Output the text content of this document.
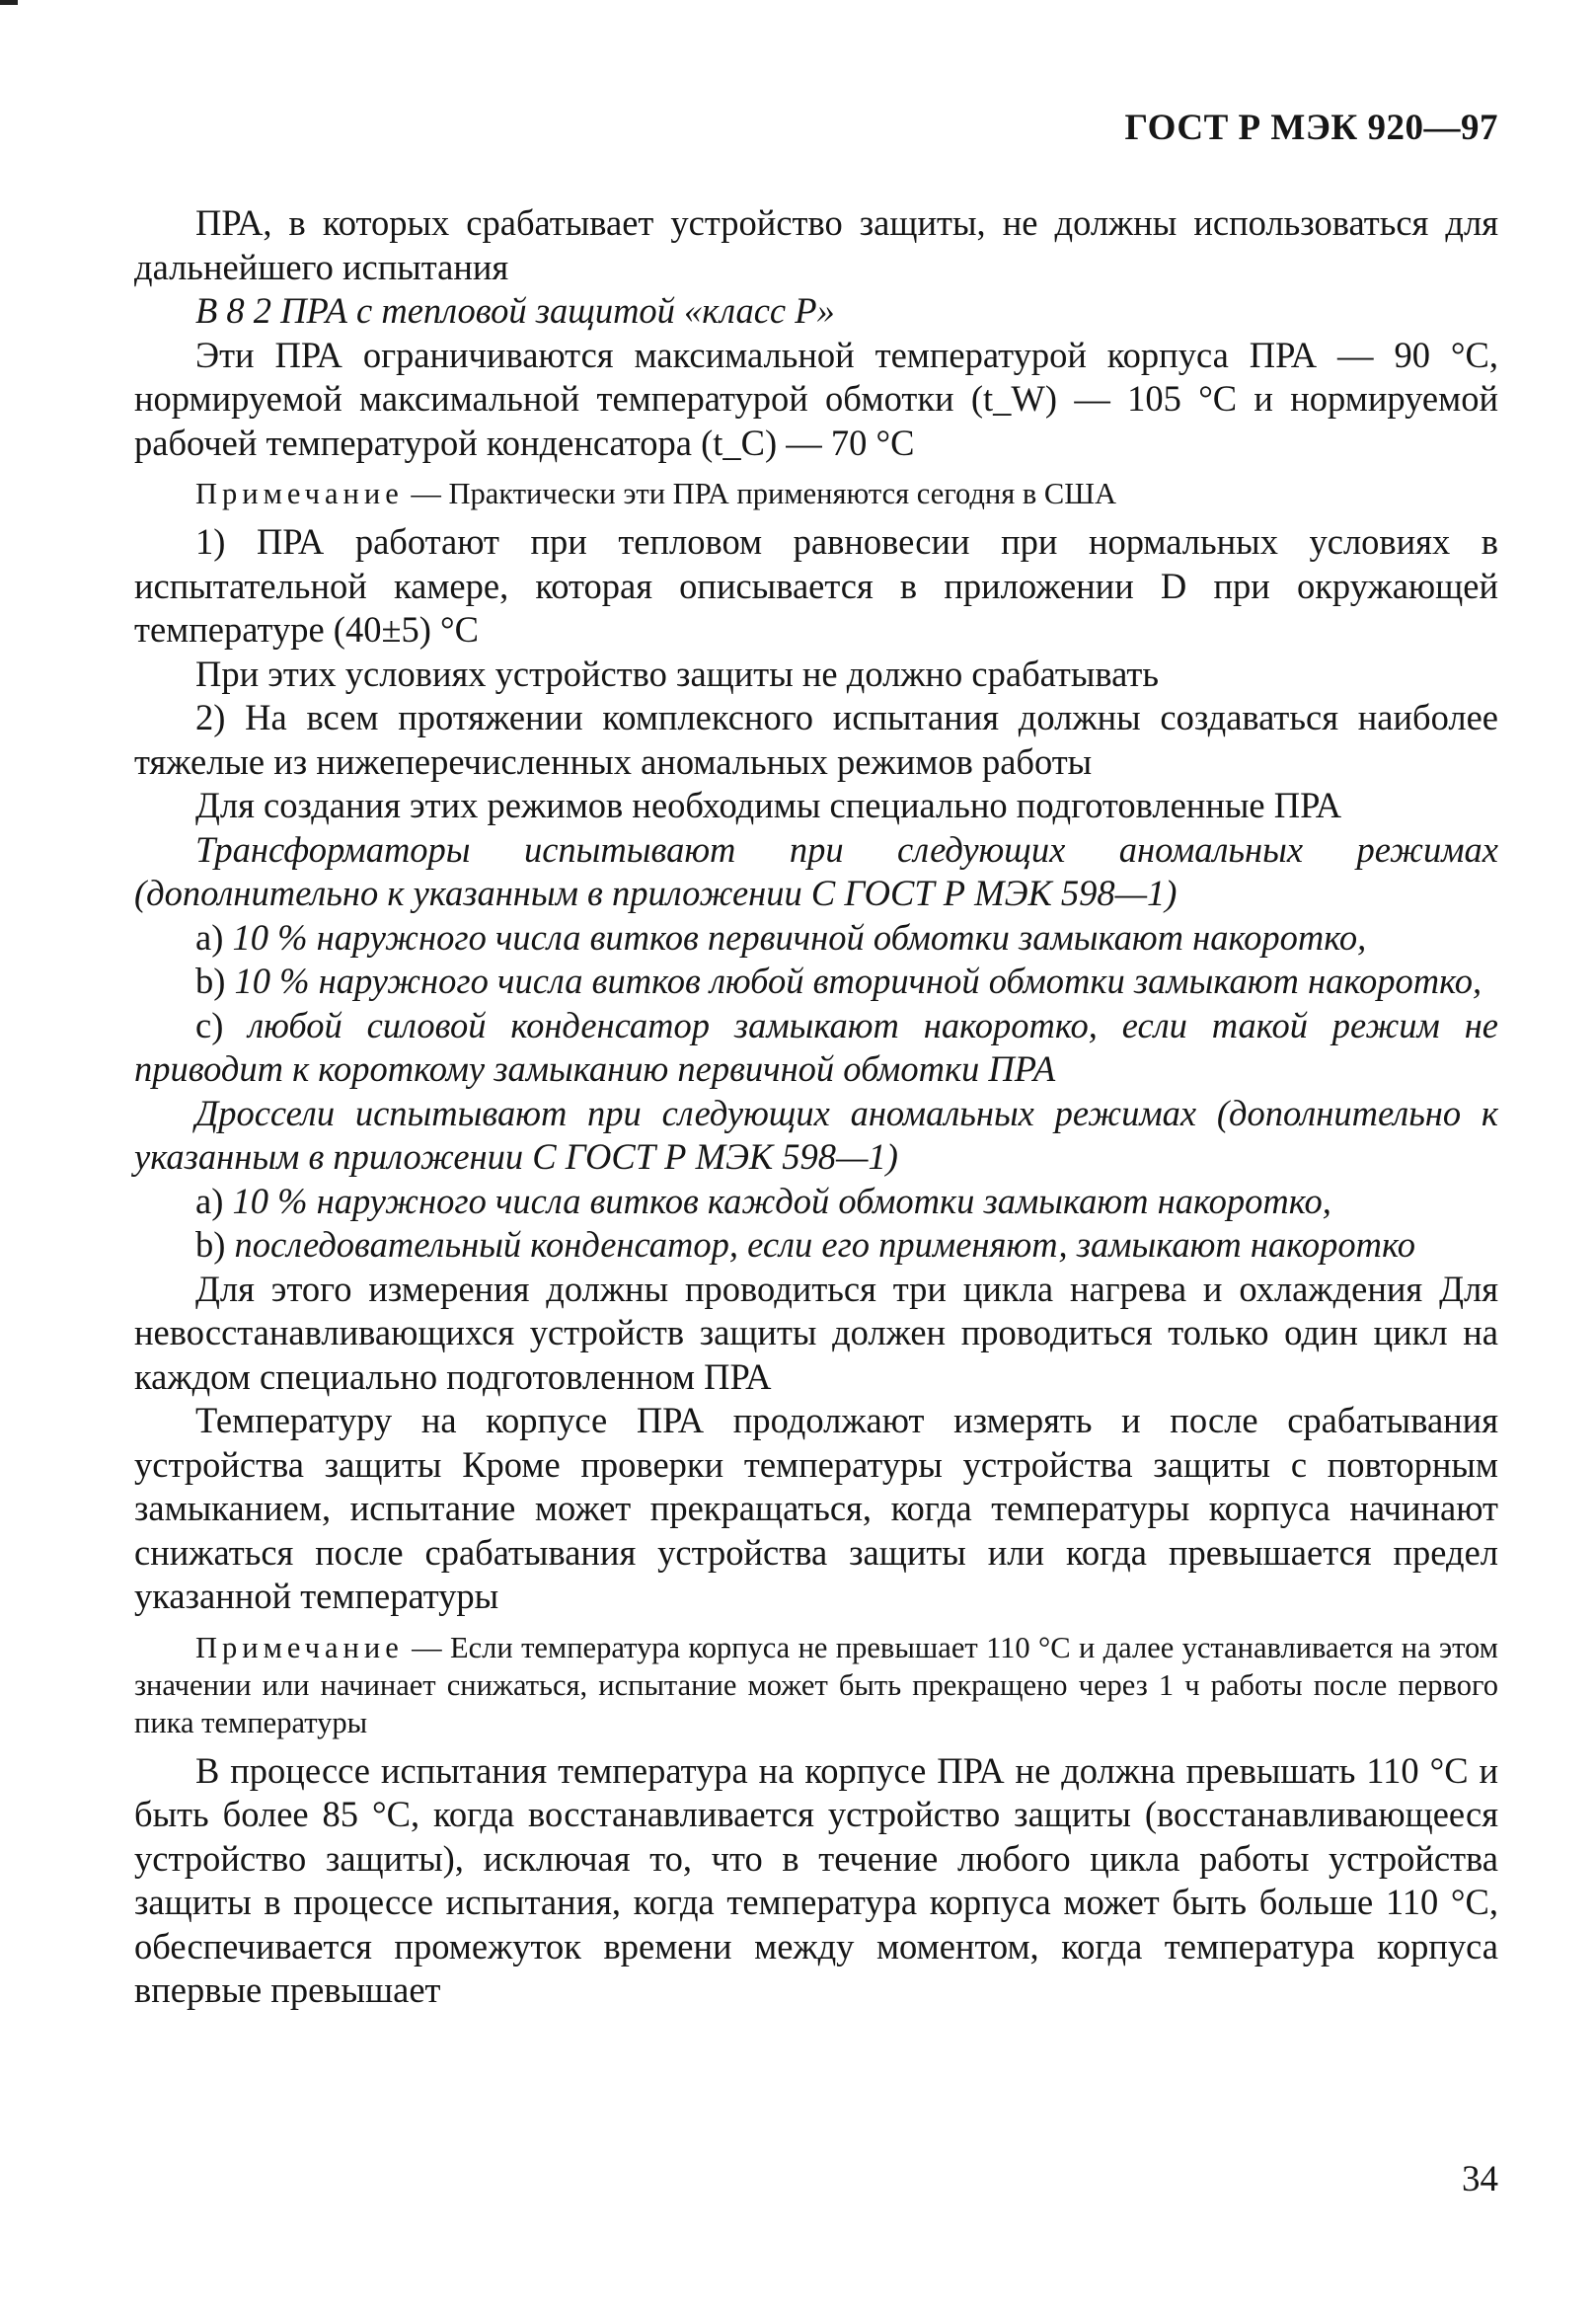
ГОСТ Р МЭК 920—97

ПРА, в которых срабатывает устройство защиты, не должны использоваться для дальнейшего испытания

В 8 2 ПРА с тепловой защитой «класс Р»

Эти ПРА ограничиваются максимальной температурой корпуса ПРА — 90 °С, нормируемой максимальной температурой обмотки (t_W) — 105 °С и нормируемой рабочей температурой конденсатора (t_C) — 70 °С

Примечание — Практически эти ПРА применяются сегодня в США

1) ПРА работают при тепловом равновесии при нормальных условиях в испытательной камере, которая описывается в приложении D при окружающей температуре (40±5) °С

При этих условиях устройство защиты не должно срабатывать

2) На всем протяжении комплексного испытания должны создаваться наиболее тяжелые из нижеперечисленных аномальных режимов работы

Для создания этих режимов необходимы специально подготовленные ПРА

Трансформаторы испытывают при следующих аномальных режимах (дополнительно к указанным в приложении С ГОСТ Р МЭК 598—1)

а) 10 % наружного числа витков первичной обмотки замыкают накоротко,

b) 10 % наружного числа витков любой вторичной обмотки замыкают накоротко,

с) любой силовой конденсатор замыкают накоротко, если такой режим не приводит к короткому замыканию первичной обмотки ПРА

Дроссели испытывают при следующих аномальных режимах (дополнительно к указанным в приложении С ГОСТ Р МЭК 598—1)

а) 10 % наружного числа витков каждой обмотки замыкают накоротко,

b) последовательный конденсатор, если его применяют, замыкают накоротко

Для этого измерения должны проводиться три цикла нагрева и охлаждения Для невосстанавливающихся устройств защиты должен проводиться только один цикл на каждом специально подготовленном ПРА

Температуру на корпусе ПРА продолжают измерять и после срабатывания устройства защиты Кроме проверки температуры устройства защиты с повторным замыканием, испытание может прекращаться, когда температуры корпуса начинают снижаться после срабатывания устройства защиты или когда превышается предел указанной температуры

Примечание — Если температура корпуса не превышает 110 °С и далее устанавливается на этом значении или начинает снижаться, испытание может быть прекращено через 1 ч работы после первого пика температуры

В процессе испытания температура на корпусе ПРА не должна превышать 110 °С и быть более 85 °С, когда восстанавливается устройство защиты (восстанавливающееся устройство защиты), исключая то, что в течение любого цикла работы устройства защиты в процессе испытания, когда температура корпуса может быть больше 110 °С, обеспечивается промежуток времени между моментом, когда температура корпуса впервые превышает

34
